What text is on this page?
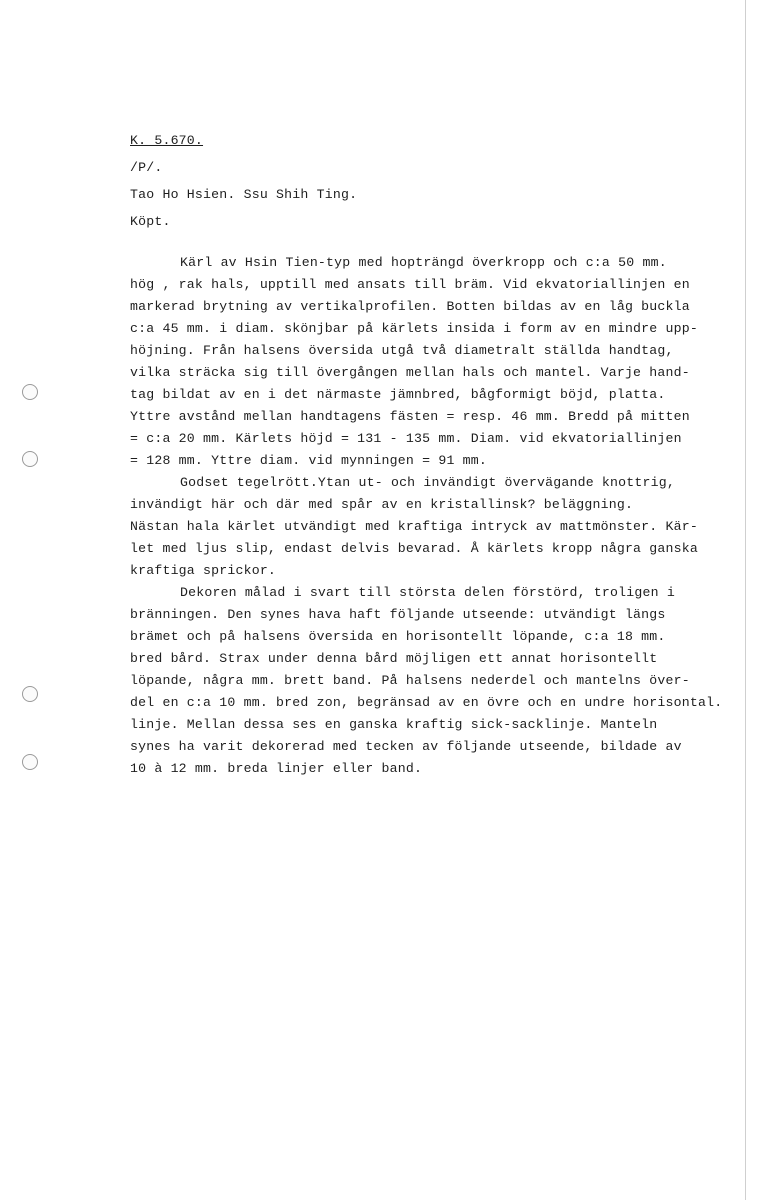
K. 5.670.
/P/.
Tao Ho Hsien. Ssu Shih Ting.
Köpt.
Kärl av Hsin Tien-typ med hopträngd överkropp och c:a 50 mm.
hög , rak hals, upptill med ansats till bräm. Vid ekvatoriallinjen en
markerad brytning av vertikalprofilen. Botten bildas av en låg buckla
c:a 45 mm. i diam. skönjbar på kärlets insida i form av en mindre upp-
höjning. Från halsens översida utgå två diametralt ställda handtag,
vilka sträcka sig till övergången mellan hals och mantel. Varje hand-
tag bildat av en i det närmaste jämnbred, bågformigt böjd, platta.
Yttre avstånd mellan handtagens fästen = resp. 46 mm. Bredd på mitten
= c:a 20 mm. Kärlets höjd = 131 - 135 mm. Diam. vid ekvatoriallinjen
= 128 mm. Yttre diam. vid mynningen = 91 mm.
Godset tegelrött.Ytan ut- och invändigt övervägande knottrig,
invändigt här och där med spår av en kristallinsk? beläggning.
Nästan hala kärlet utvändigt med kraftiga intryck av mattmönster. Kär-
let med ljus slip, endast delvis bevarad. Å kärlets kropp några ganska
kraftiga sprickor.
Dekoren målad i svart till största delen förstörd, troligen i
bränningen. Den synes hava haft följande utseende: utvändigt längs
brämet och på halsens översida en horisontellt löpande, c:a 18 mm.
bred bård. Strax under denna bård möjligen ett annat horisontellt
löpande, några mm. brett band. På halsens nederdel och mantelns över-
del en c:a 10 mm. bred zon, begränsad av en övre och en undre horisontal.
linje. Mellan dessa ses en ganska kraftig sick-sacklinje. Manteln
synes ha varit dekorerad med tecken av följande utseende, bildade av
10 à 12 mm. breda linjer eller band.
